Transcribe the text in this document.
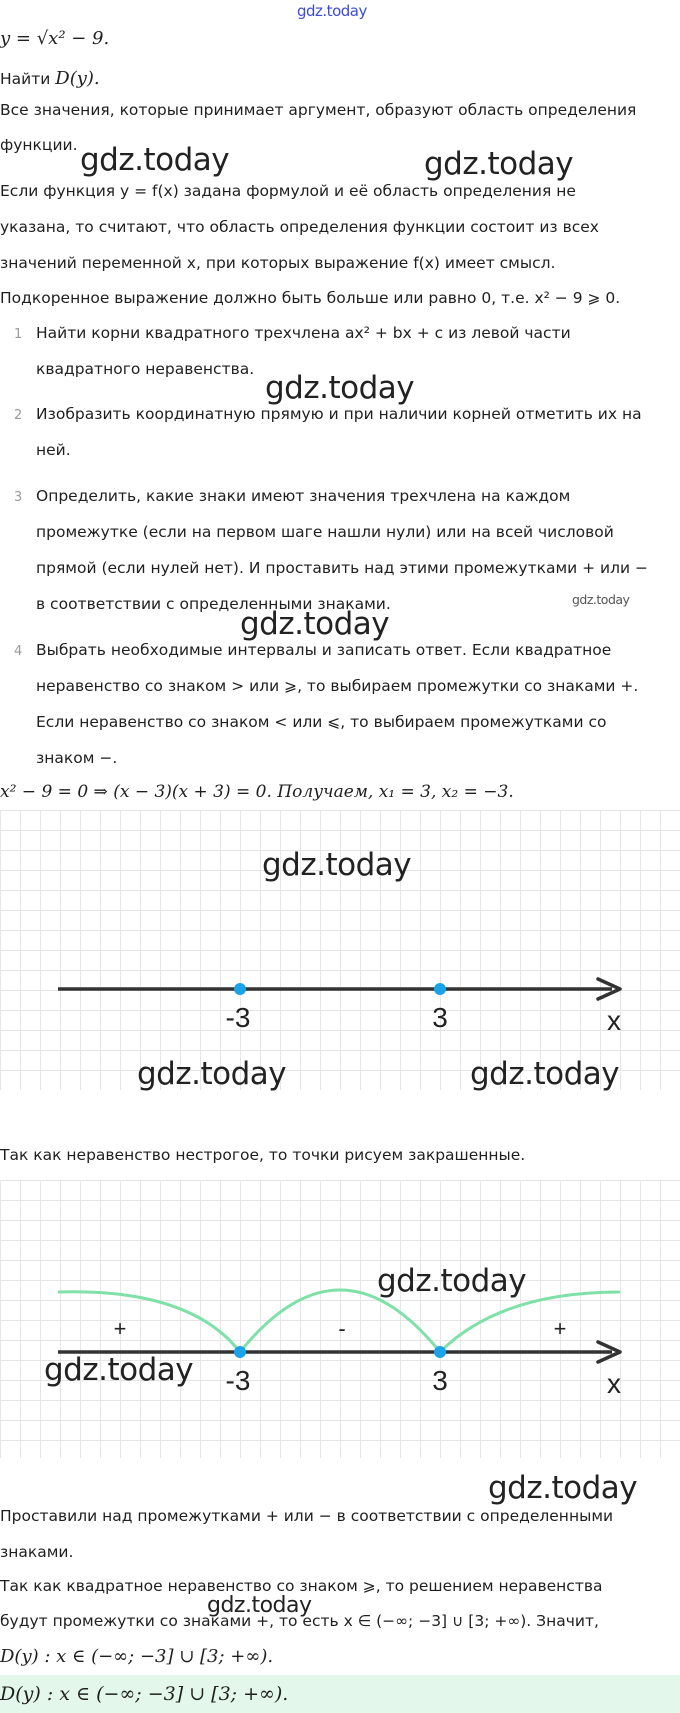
gdz.today
y = √x² − 9.
Найти D(y).
Все значения, которые принимает аргумент, образуют область определения
функции. gdz.today	gdz.today
Если функция y = f(x) задана формулой и её область определения не
указана, то считают, что область определения функции состоит из всех
значений переменной x, при которых выражение f(x) имеет смысл.
Подкоренное выражение должно быть больше или равно 0, т.е. x² − 9 ⩾ 0.
1 Найти корни квадратного трехчлена ax² + bx + c из левой части
квадратного неравенства.
gdz.today
2 Изобразить координатную прямую и при наличии корней отметить их на
ней.
3 Определить, какие знаки имеют значения трехчлена на каждом
промежутке (если на первом шаге нашли нули) или на всей числовой
прямой (если нулей нет). И проставить над этими промежутками + или −
в соответствии с определенными знаками.	gdz.today
gdz.today
4 Выбрать необходимые интервалы и записать ответ. Если квадратное
неравенство со знаком > или ⩾, то выбираем промежутки со знаками +.
Если неравенство со знаком < или ⩽, то выбираем промежутками со
знаком −.
x² − 9 = 0 ⇒ (x − 3)(x + 3) = 0. Получаем, x₁ = 3, x₂ = −3.
-3	3	x
gdz.today
gdz.today	gdz.today
Так как неравенство нестрогое, то точки рисуем закрашенные.
+	-	+
-3	3	x
gdz.today
gdz.today
gdz.today
Проставили над промежутками + или − в соответствии с определенными
знаками.
Так как квадратное неравенство со знаком ⩾, то решением неравенства
gdz.today
будут промежутки со знаками +, то есть x ∈ (−∞; −3] ∪ [3; +∞). Значит,
D(y) : x ∈ (−∞; −3] ∪ [3; +∞).
D(y) : x ∈ (−∞; −3] ∪ [3; +∞).
